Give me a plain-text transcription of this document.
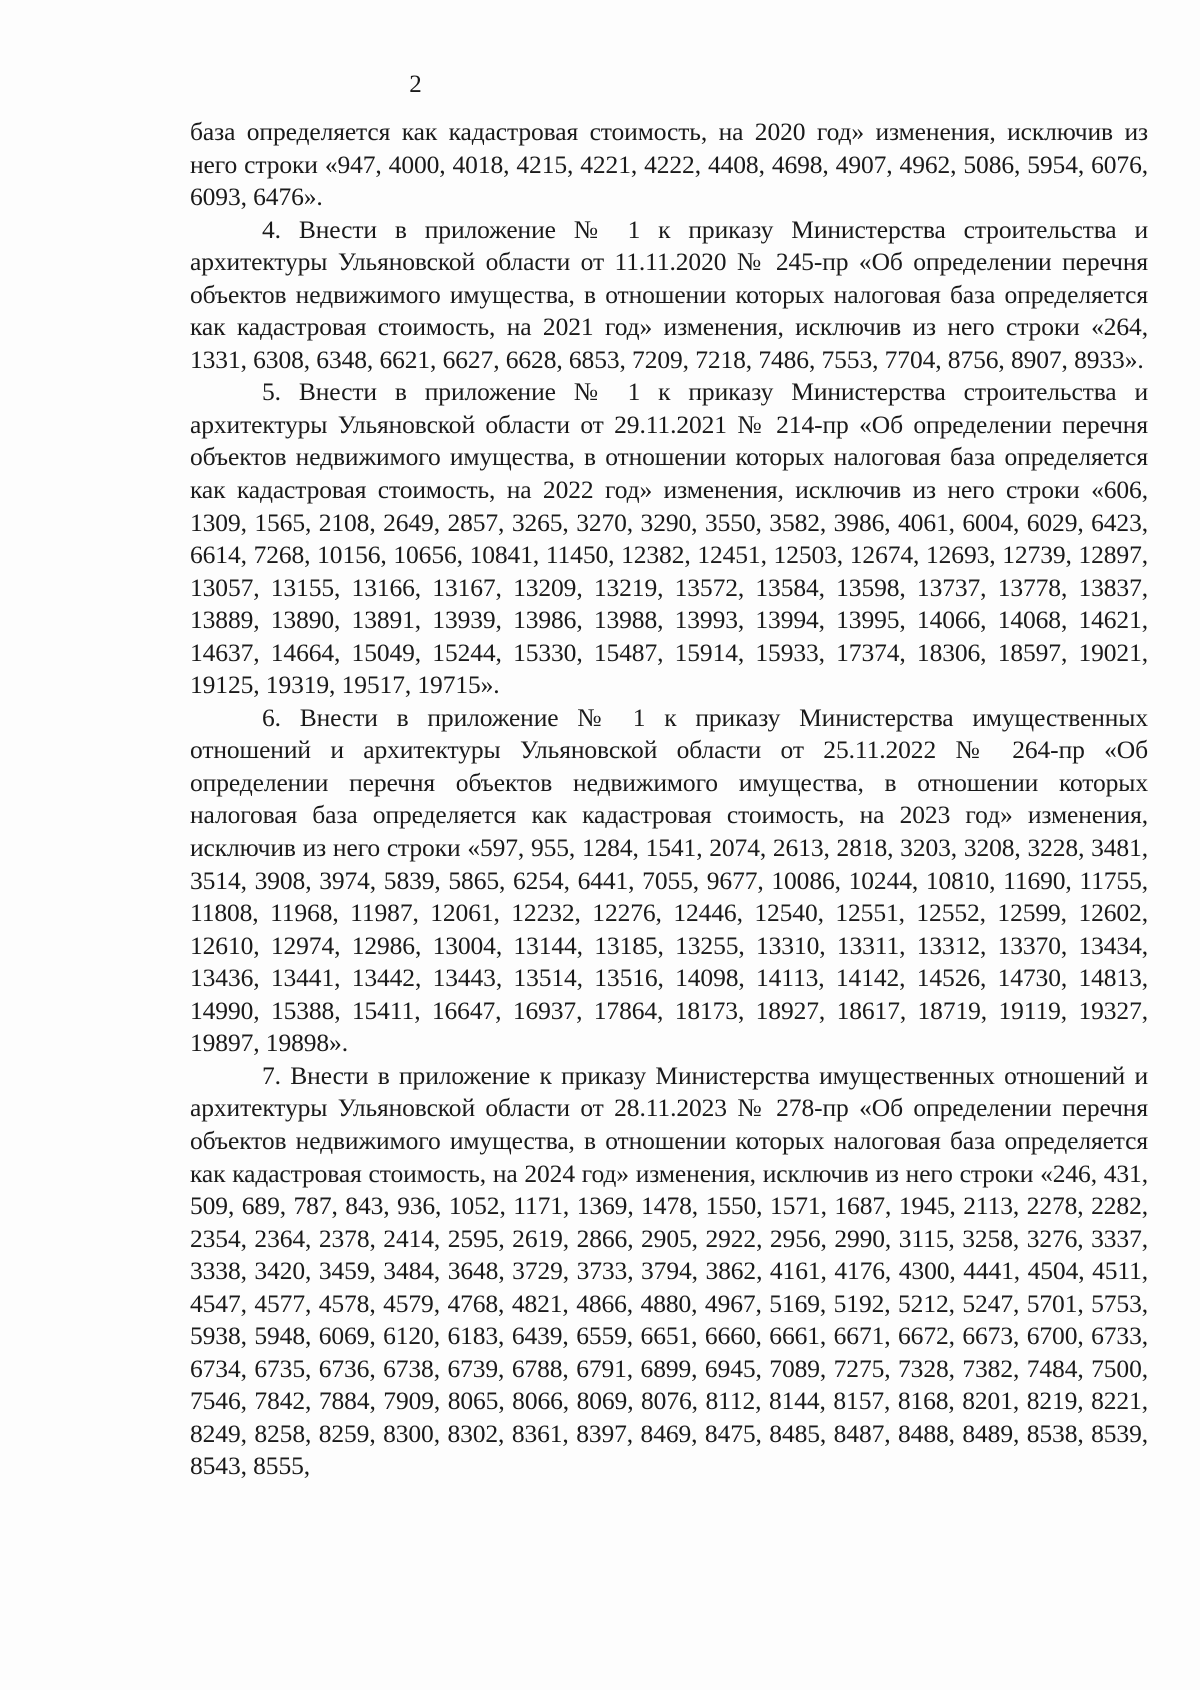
2

база определяется как кадастровая стоимость, на 2020 год» изменения, исключив из него строки «947, 4000, 4018, 4215, 4221, 4222, 4408, 4698, 4907, 4962, 5086, 5954, 6076, 6093, 6476».

4. Внести в приложение № 1 к приказу Министерства строительства и архитектуры Ульяновской области от 11.11.2020 № 245-пр «Об определении перечня объектов недвижимого имущества, в отношении которых налоговая база определяется как кадастровая стоимость, на 2021 год» изменения, исключив из него строки «264, 1331, 6308, 6348, 6621, 6627, 6628, 6853, 7209, 7218, 7486, 7553, 7704, 8756, 8907, 8933».

5. Внести в приложение № 1 к приказу Министерства строительства и архитектуры Ульяновской области от 29.11.2021 № 214-пр «Об определении перечня объектов недвижимого имущества, в отношении которых налоговая база определяется как кадастровая стоимость, на 2022 год» изменения, исключив из него строки «606, 1309, 1565, 2108, 2649, 2857, 3265, 3270, 3290, 3550, 3582, 3986, 4061, 6004, 6029, 6423, 6614, 7268, 10156, 10656, 10841, 11450, 12382, 12451, 12503, 12674, 12693, 12739, 12897, 13057, 13155, 13166, 13167, 13209, 13219, 13572, 13584, 13598, 13737, 13778, 13837, 13889, 13890, 13891, 13939, 13986, 13988, 13993, 13994, 13995, 14066, 14068, 14621, 14637, 14664, 15049, 15244, 15330, 15487, 15914, 15933, 17374, 18306, 18597, 19021, 19125, 19319, 19517, 19715».

6. Внести в приложение № 1 к приказу Министерства имущественных отношений и архитектуры Ульяновской области от 25.11.2022 № 264-пр «Об определении перечня объектов недвижимого имущества, в отношении которых налоговая база определяется как кадастровая стоимость, на 2023 год» изменения, исключив из него строки «597, 955, 1284, 1541, 2074, 2613, 2818, 3203, 3208, 3228, 3481, 3514, 3908, 3974, 5839, 5865, 6254, 6441, 7055, 9677, 10086, 10244, 10810, 11690, 11755, 11808, 11968, 11987, 12061, 12232, 12276, 12446, 12540, 12551, 12552, 12599, 12602, 12610, 12974, 12986, 13004, 13144, 13185, 13255, 13310, 13311, 13312, 13370, 13434, 13436, 13441, 13442, 13443, 13514, 13516, 14098, 14113, 14142, 14526, 14730, 14813, 14990, 15388, 15411, 16647, 16937, 17864, 18173, 18927, 18617, 18719, 19119, 19327, 19897, 19898».

7. Внести в приложение к приказу Министерства имущественных отношений и архитектуры Ульяновской области от 28.11.2023 № 278-пр «Об определении перечня объектов недвижимого имущества, в отношении которых налоговая база определяется как кадастровая стоимость, на 2024 год» изменения, исключив из него строки «246, 431, 509, 689, 787, 843, 936, 1052, 1171, 1369, 1478, 1550, 1571, 1687, 1945, 2113, 2278, 2282, 2354, 2364, 2378, 2414, 2595, 2619, 2866, 2905, 2922, 2956, 2990, 3115, 3258, 3276, 3337, 3338, 3420, 3459, 3484, 3648, 3729, 3733, 3794, 3862, 4161, 4176, 4300, 4441, 4504, 4511, 4547, 4577, 4578, 4579, 4768, 4821, 4866, 4880, 4967, 5169, 5192, 5212, 5247, 5701, 5753, 5938, 5948, 6069, 6120, 6183, 6439, 6559, 6651, 6660, 6661, 6671, 6672, 6673, 6700, 6733, 6734, 6735, 6736, 6738, 6739, 6788, 6791, 6899, 6945, 7089, 7275, 7328, 7382, 7484, 7500, 7546, 7842, 7884, 7909, 8065, 8066, 8069, 8076, 8112, 8144, 8157, 8168, 8201, 8219, 8221, 8249, 8258, 8259, 8300, 8302, 8361, 8397, 8469, 8475, 8485, 8487, 8488, 8489, 8538, 8539, 8543, 8555,
